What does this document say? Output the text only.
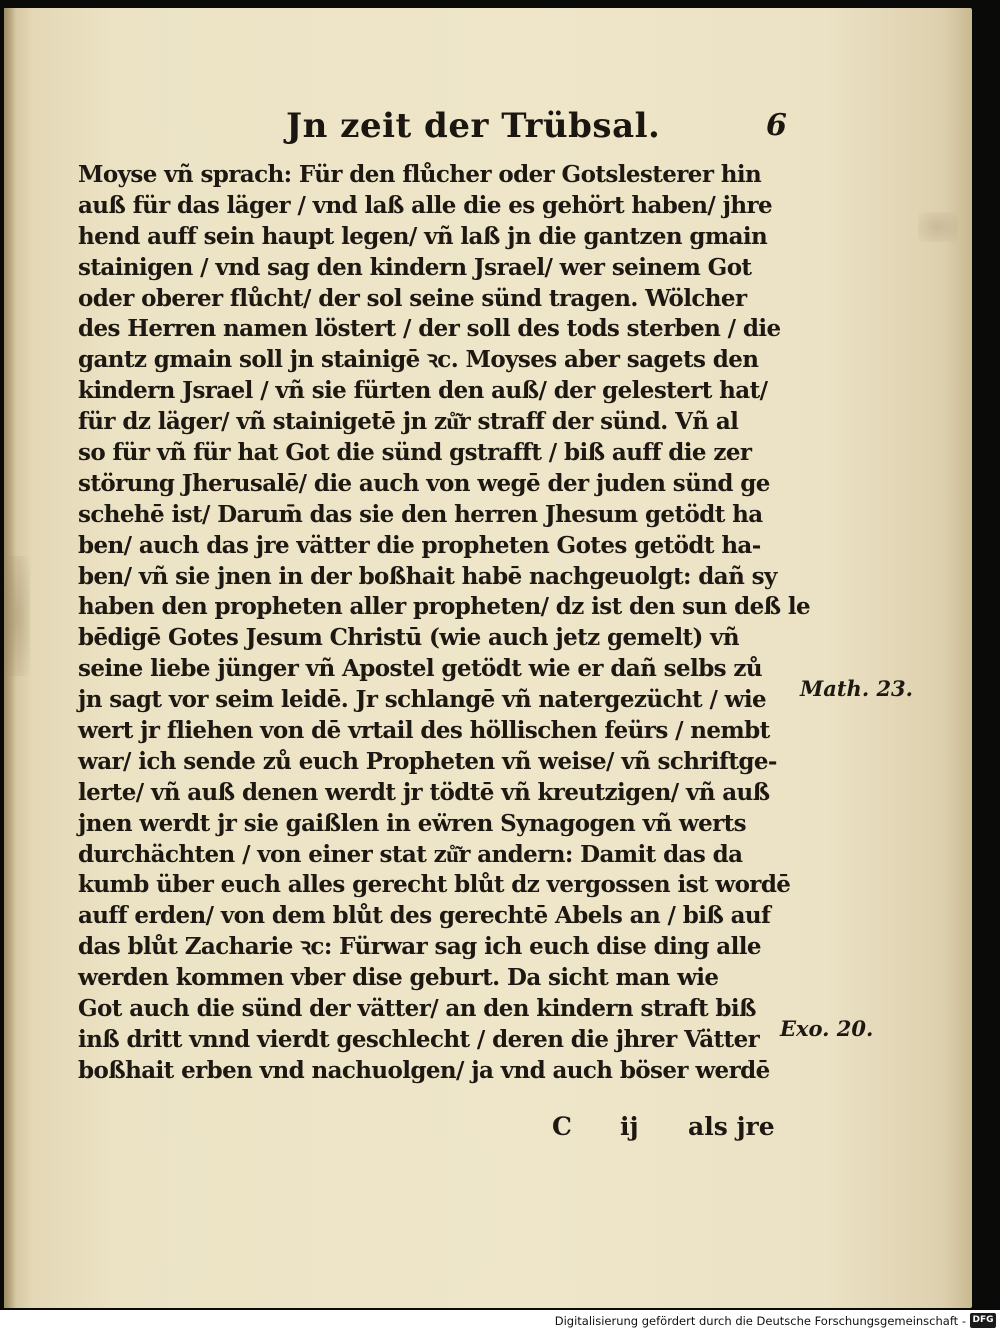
Jn zeit der Trübsal.	6
Moyse vñ sprach: Für den flůcher oder Gotslesterer hin
auß für das läger / vnd laß alle die es gehört haben/ jhre
hend auff sein haupt legen/ vñ laß jn die gantzen gmain
stainigen / vnd sag den kindern Jsrael/ wer seinem Got
oder oberer flůcht/ der sol seine sünd tragen. Wölcher
des Herren namen löstert / der soll des tods sterben / die
gantz gmain soll jn stainigē ꝛc. Moyses aber sagets den
kindern Jsrael / vñ sie fürten den auß/ der gelestert hat/
für dz läger/ vñ stainigetē jn zů͂r straff der sünd. Vñ al
so für vñ für hat Got die sünd gstrafft / biß auff die zer
störung Jherusalē/ die auch von wegē der juden sünd ge
schehē ist/ Darum̄ das sie den herren Jhesum getödt ha
ben/ auch das jre vätter die propheten Gotes getödt ha-
ben/ vñ sie jnen in der boßhait habē nachgeuolgt: dañ sy
haben den propheten aller propheten/ dz ist den sun deß le
bēdigē Gotes Jesum Christū (wie auch jetz gemelt) vñ
seine liebe jünger vñ Apostel getödt wie er dañ selbs zů
jn sagt vor seim leidē. Jr schlangē vñ natergezücht / wie
wert jr fliehen von dē vrtail des höllischen feürs / nembt
war/ ich sende zů euch Propheten vñ weise/ vñ schriftge-
lerte/ vñ auß denen werdt jr tödtē vñ kreutzigen/ vñ auß
jnen werdt jr sie gaißlen in eẅren Synagogen vñ werts
durchächten / von einer stat zů͂r andern: Damit das da
kumb über euch alles gerecht blůt dz vergossen ist wordē
auff erden/ von dem blůt des gerechtē Abels an / biß auf
das blůt Zacharie ꝛc: Fürwar sag ich euch dise ding alle
werden kommen vber dise geburt. Da sicht man wie
Got auch die sünd der vätter/ an den kindern straft biß
inß dritt vnnd vierdt geschlecht / deren die jhrer Vätter
boßhait erben vnd nachuolgen/ ja vnd auch böser werdē
C ij als jre
Math. 23.
Exo. 20.
Digitalisierung gefördert durch die Deutsche Forschungsgemeinschaft - DFG
